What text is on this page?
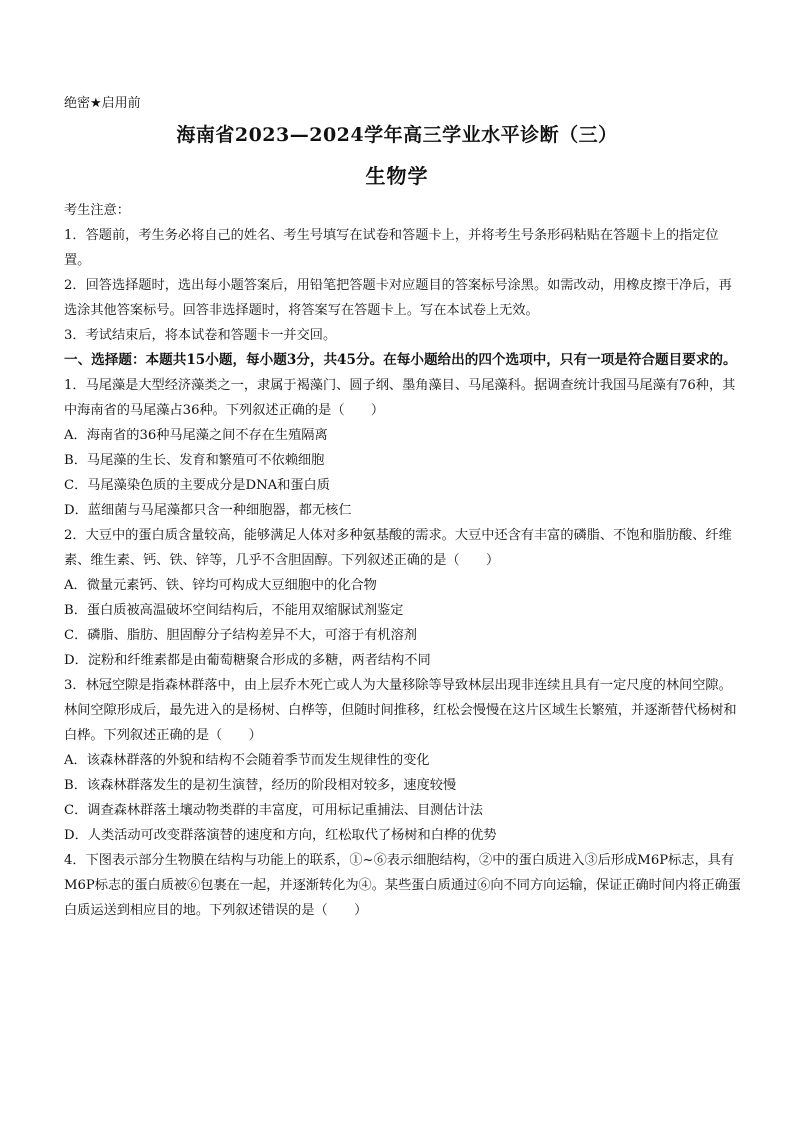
绝密★启用前
海南省2023—2024学年高三学业水平诊断（三）
生物学

考生注意：

1．答题前，考生务必将自己的姓名、考生号填写在试卷和答题卡上，并将考生号条形码粘贴在答题卡上的指定位置。

2．回答选择题时，选出每小题答案后，用铅笔把答题卡对应题目的答案标号涂黑。如需改动，用橡皮擦干净后，再选涂其他答案标号。回答非选择题时，将答案写在答题卡上。写在本试卷上无效。

3．考试结束后，将本试卷和答题卡一并交回。

一、选择题：本题共15小题，每小题3分，共45分。在每小题给出的四个选项中，只有一项是符合题目要求的。

1．马尾藻是大型经济藻类之一，隶属于褐藻门、圆子纲、墨角藻目、马尾藻科。据调查统计我国马尾藻有76种，其中海南省的马尾藻占36种。下列叙述正确的是（　　）

A．海南省的36种马尾藻之间不存在生殖隔离

B．马尾藻的生长、发育和繁殖可不依赖细胞

C．马尾藻染色质的主要成分是DNA和蛋白质

D．蓝细菌与马尾藻都只含一种细胞器，都无核仁

2．大豆中的蛋白质含量较高，能够满足人体对多种氨基酸的需求。大豆中还含有丰富的磷脂、不饱和脂肪酸、纤维素、维生素、钙、铁、锌等，几乎不含胆固醇。下列叙述正确的是（　　）

A．微量元素钙、铁、锌均可构成大豆细胞中的化合物

B．蛋白质被高温破坏空间结构后，不能用双缩脲试剂鉴定

C．磷脂、脂肪、胆固醇分子结构差异不大，可溶于有机溶剂

D．淀粉和纤维素都是由葡萄糖聚合形成的多糖，两者结构不同

3．林冠空隙是指森林群落中，由上层乔木死亡或人为大量移除等导致林层出现非连续且具有一定尺度的林间空隙。林间空隙形成后，最先进入的是杨树、白桦等，但随时间推移，红松会慢慢在这片区域生长繁殖，并逐渐替代杨树和白桦。下列叙述正确的是（　　）

A．该森林群落的外貌和结构不会随着季节而发生规律性的变化

B．该森林群落发生的是初生演替，经历的阶段相对较多，速度较慢

C．调查森林群落土壤动物类群的丰富度，可用标记重捕法、目测估计法

D．人类活动可改变群落演替的速度和方向，红松取代了杨树和白桦的优势

4．下图表示部分生物膜在结构与功能上的联系，①~⑥表示细胞结构，②中的蛋白质进入③后形成M6P标志，具有M6P标志的蛋白质被⑥包裹在一起，并逐渐转化为④。某些蛋白质通过⑥向不同方向运输，保证正确时间内将正确蛋白质运送到相应目的地。下列叙述错误的是（　　）
